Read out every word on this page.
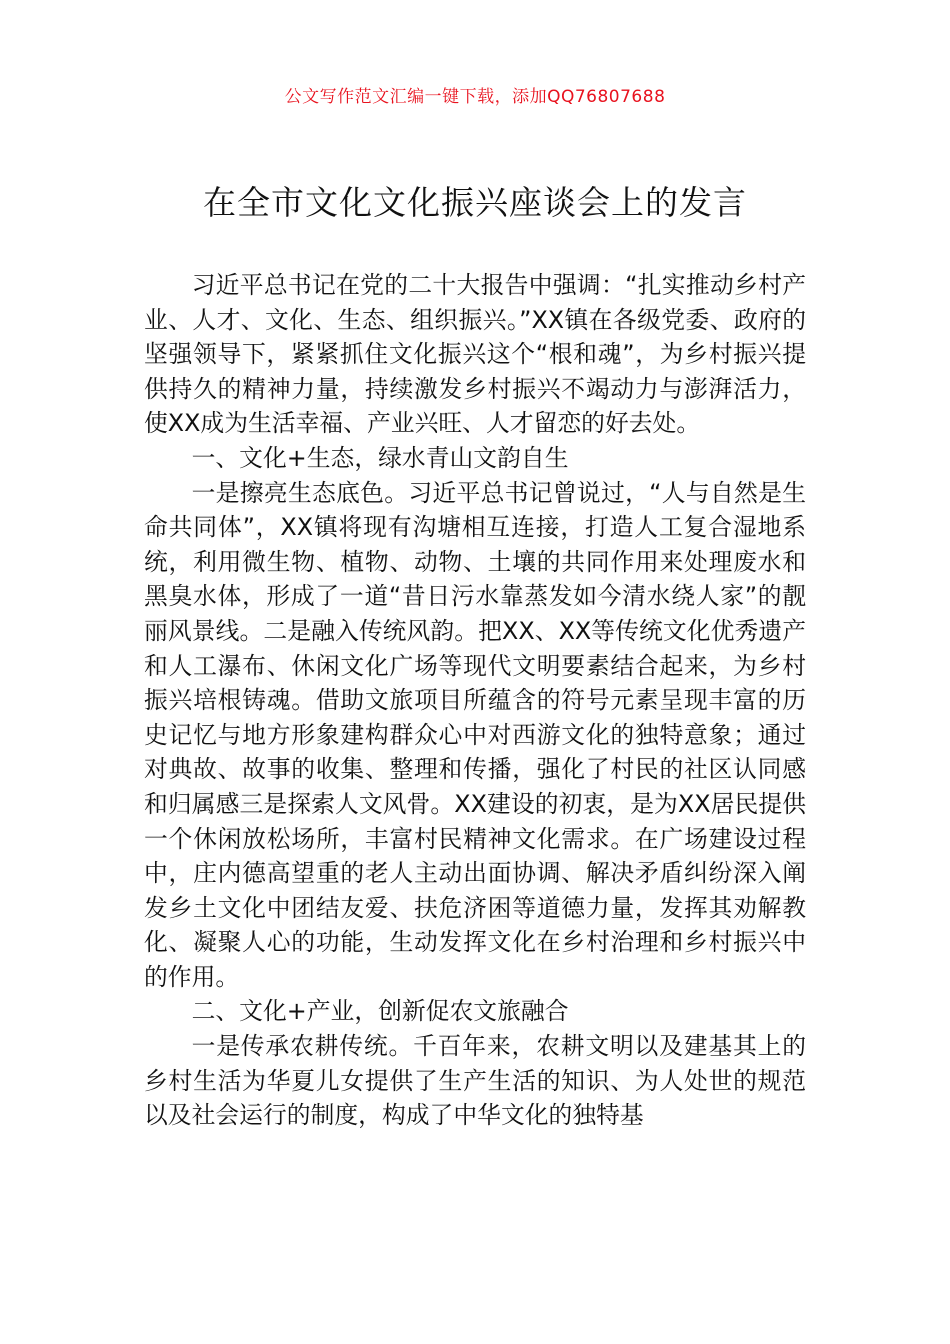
公文写作范文汇编一键下载，添加QQ76807688
在全市文化文化振兴座谈会上的发言

习近平总书记在党的二十大报告中强调：“扎实推动乡村产业、人才、文化、生态、组织振兴。”XX镇在各级党委、政府的坚强领导下，紧紧抓住文化振兴这个“根和魂”，为乡村振兴提供持久的精神力量，持续激发乡村振兴不竭动力与澎湃活力，使XX成为生活幸福、产业兴旺、人才留恋的好去处。

一、文化+生态，绿水青山文韵自生

一是擦亮生态底色。习近平总书记曾说过，“人与自然是生命共同体”，XX镇将现有沟塘相互连接，打造人工复合湿地系统，利用微生物、植物、动物、土壤的共同作用来处理废水和黑臭水体，形成了一道“昔日污水靠蒸发如今清水绕人家”的靓丽风景线。二是融入传统风韵。把XX、XX等传统文化优秀遗产和人工瀑布、休闲文化广场等现代文明要素结合起来，为乡村振兴培根铸魂。借助文旅项目所蕴含的符号元素呈现丰富的历史记忆与地方形象建构群众心中对西游文化的独特意象；通过对典故、故事的收集、整理和传播，强化了村民的社区认同感和归属感三是探索人文风骨。XX建设的初衷，是为XX居民提供一个休闲放松场所，丰富村民精神文化需求。在广场建设过程中，庄内德高望重的老人主动出面协调、解决矛盾纠纷深入阐发乡土文化中团结友爱、扶危济困等道德力量，发挥其劝解教化、凝聚人心的功能，生动发挥文化在乡村治理和乡村振兴中的作用。

二、文化+产业，创新促农文旅融合

一是传承农耕传统。千百年来，农耕文明以及建基其上的乡村生活为华夏儿女提供了生产生活的知识、为人处世的规范以及社会运行的制度，构成了中华文化的独特基
